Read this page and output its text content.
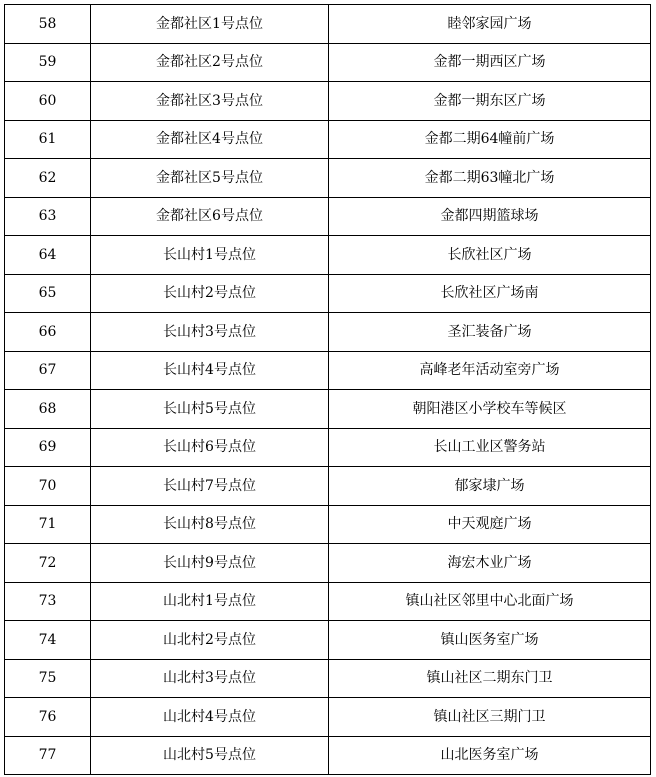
58	金都社区1号点位	睦邻家园广场
59	金都社区2号点位	金都一期西区广场
60	金都社区3号点位	金都一期东区广场
61	金都社区4号点位	金都二期64幢前广场
62	金都社区5号点位	金都二期63幢北广场
63	金都社区6号点位	金都四期篮球场
64	长山村1号点位	长欣社区广场
65	长山村2号点位	长欣社区广场南
66	长山村3号点位	圣汇装备广场
67	长山村4号点位	高峰老年活动室旁广场
68	长山村5号点位	朝阳港区小学校车等候区
69	长山村6号点位	长山工业区警务站
70	长山村7号点位	郁家埭广场
71	长山村8号点位	中天观庭广场
72	长山村9号点位	海宏木业广场
73	山北村1号点位	镇山社区邻里中心北面广场
74	山北村2号点位	镇山医务室广场
75	山北村3号点位	镇山社区二期东门卫
76	山北村4号点位	镇山社区三期门卫
77	山北村5号点位	山北医务室广场
